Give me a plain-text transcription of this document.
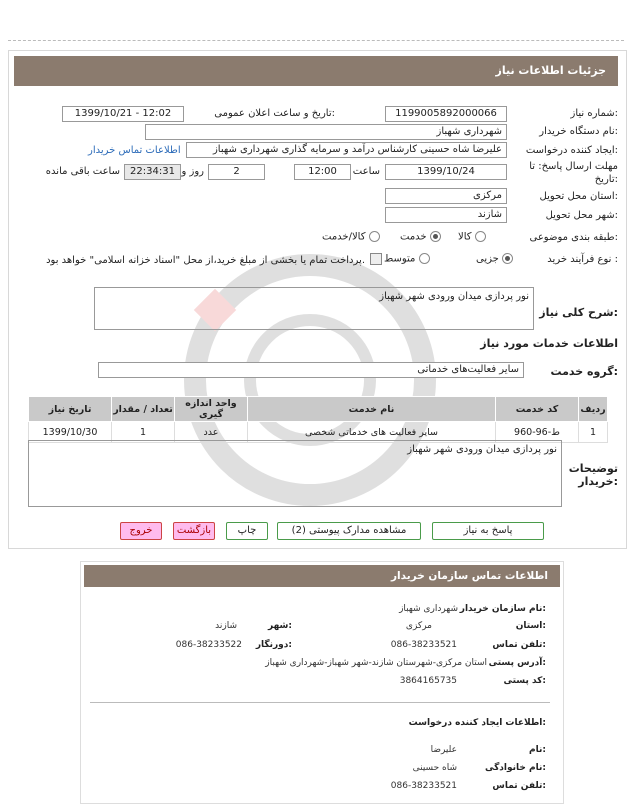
جزئیات اطلاعات نیاز
شماره نیاز:
1199005892000066
تاریخ و ساعت اعلان عمومی:
1399/10/21 - 12:02
نام دستگاه خریدار:
شهرداری شهباز
ایجاد کننده درخواست:
علیرضا شاه حسینی کارشناس درآمد و سرمایه گذاری شهرداری شهباز
اطلاعات تماس خریدار
مهلت ارسال پاسخ: تا تاریخ:
1399/10/24
ساعت
12:00
2
روز و
22:34:31
ساعت باقی مانده
استان محل تحویل:
مرکزی
شهر محل تحویل:
شازند
طبقه بندی موضوعی:
کالا
خدمت
کالا/خدمت
نوع فرآیند خرید :
جزیی
متوسط
پرداخت تمام یا بخشی از مبلغ خرید،از محل "اسناد خزانه اسلامی" خواهد بود.
شرح کلی نیاز:
نور پردازی میدان ورودی شهر شهباز
اطلاعات خدمات مورد نیاز
گروه خدمت:
سایر فعالیت‌های خدماتی
تاریخ نیاز	تعداد / مقدار	واحد اندازه گیری	نام خدمت	کد خدمت	ردیف
1399/10/30	1	عدد	سایر فعالیت های خدماتی شخصی	ط-96-960	1
توضیحات خریدار:
نور پردازی میدان ورودی شهر شهباز
پاسخ به نیاز
مشاهده مدارک پیوستی (2)
چاپ
بازگشت
خروج
اطلاعات تماس سازمان خریدار
نام سازمان خریدار:
شهرداری شهباز
استان:
مرکزی
شهر:
شازند
تلفن تماس:
086-38233521
دورنگار:
086-38233522
آدرس پستی:
استان مرکزی-شهرستان شازند-شهر شهباز-شهرداری شهباز
کد پستی:
3864165735
اطلاعات ایجاد کننده درخواست:
نام:
علیرضا
نام خانوادگی:
شاه حسینی
تلفن تماس:
086-38233521
